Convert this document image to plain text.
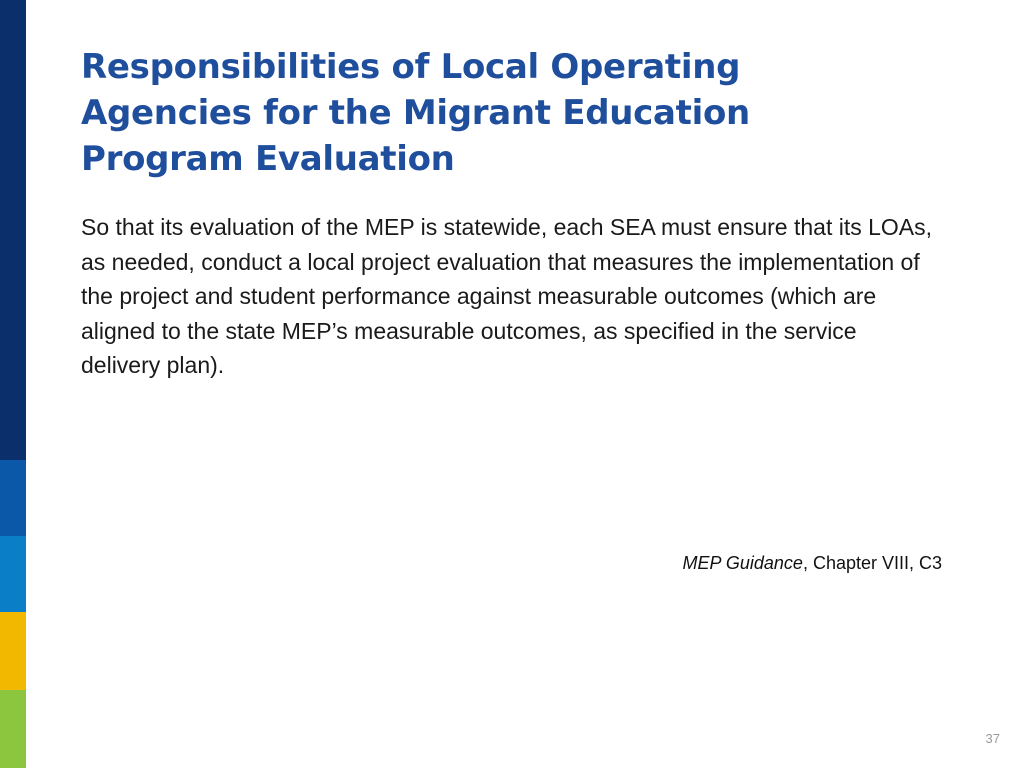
Responsibilities of Local Operating Agencies for the Migrant Education Program Evaluation

So that its evaluation of the MEP is statewide, each SEA must ensure that its LOAs, as needed, conduct a local project evaluation that measures the implementation of the project and student performance against measurable outcomes (which are aligned to the state MEP’s measurable outcomes, as specified in the service delivery plan).

MEP Guidance, Chapter VIII, C3

37
